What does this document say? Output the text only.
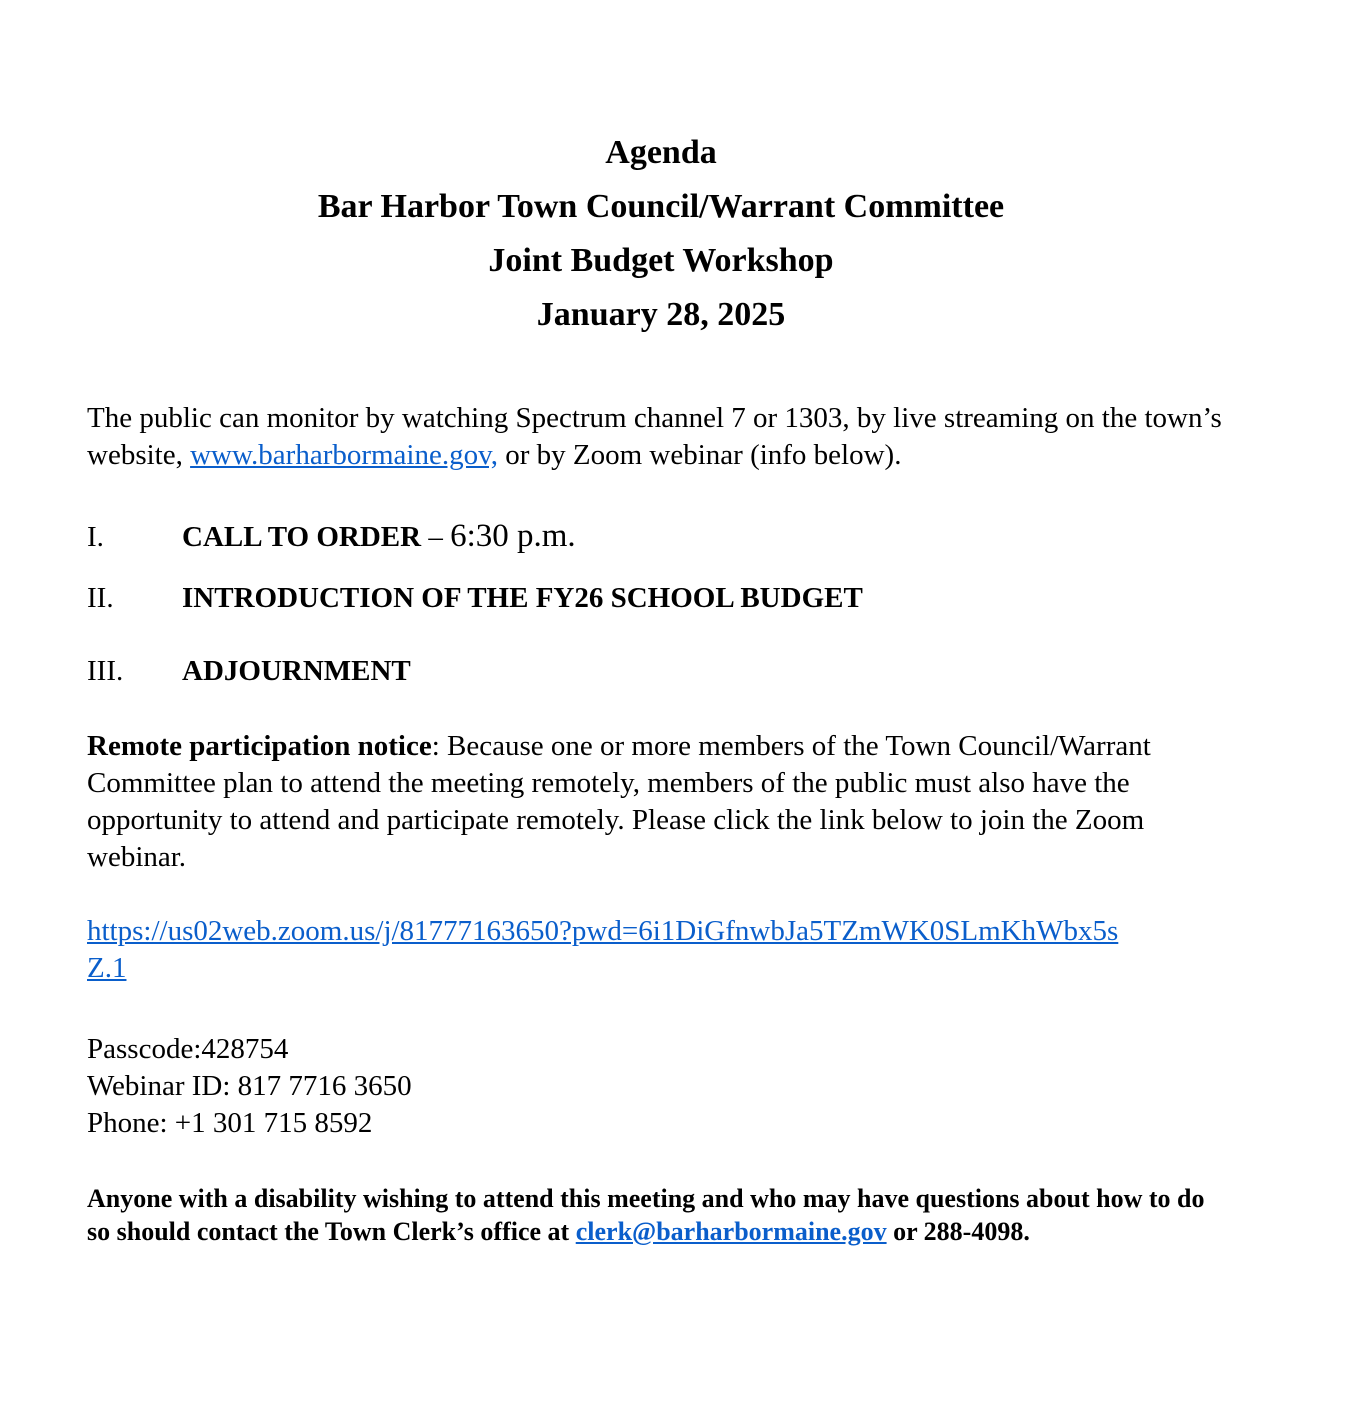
Agenda

Bar Harbor Town Council/Warrant Committee

Joint Budget Workshop

January 28, 2025

The public can monitor by watching Spectrum channel 7 or 1303, by live streaming on the town’s website, www.barharbormaine.gov, or by Zoom webinar (info below).
I.	CALL TO ORDER – 6:30 p.m.
II.	INTRODUCTION OF THE FY26 SCHOOL BUDGET
III.	ADJOURNMENT
Remote participation notice: Because one or more members of the Town Council/Warrant Committee plan to attend the meeting remotely, members of the public must also have the opportunity to attend and participate remotely. Please click the link below to join the Zoom webinar.
https://us02web.zoom.us/j/81777163650?pwd=6i1DiGfnwbJa5TZmWK0SLmKhWbx5s
Z.1
Passcode:428754
Webinar ID: 817 7716 3650
Phone: +1 301 715 8592
Anyone with a disability wishing to attend this meeting and who may have questions about how to do so should contact the Town Clerk’s office at clerk@barharbormaine.gov or 288-4098.
